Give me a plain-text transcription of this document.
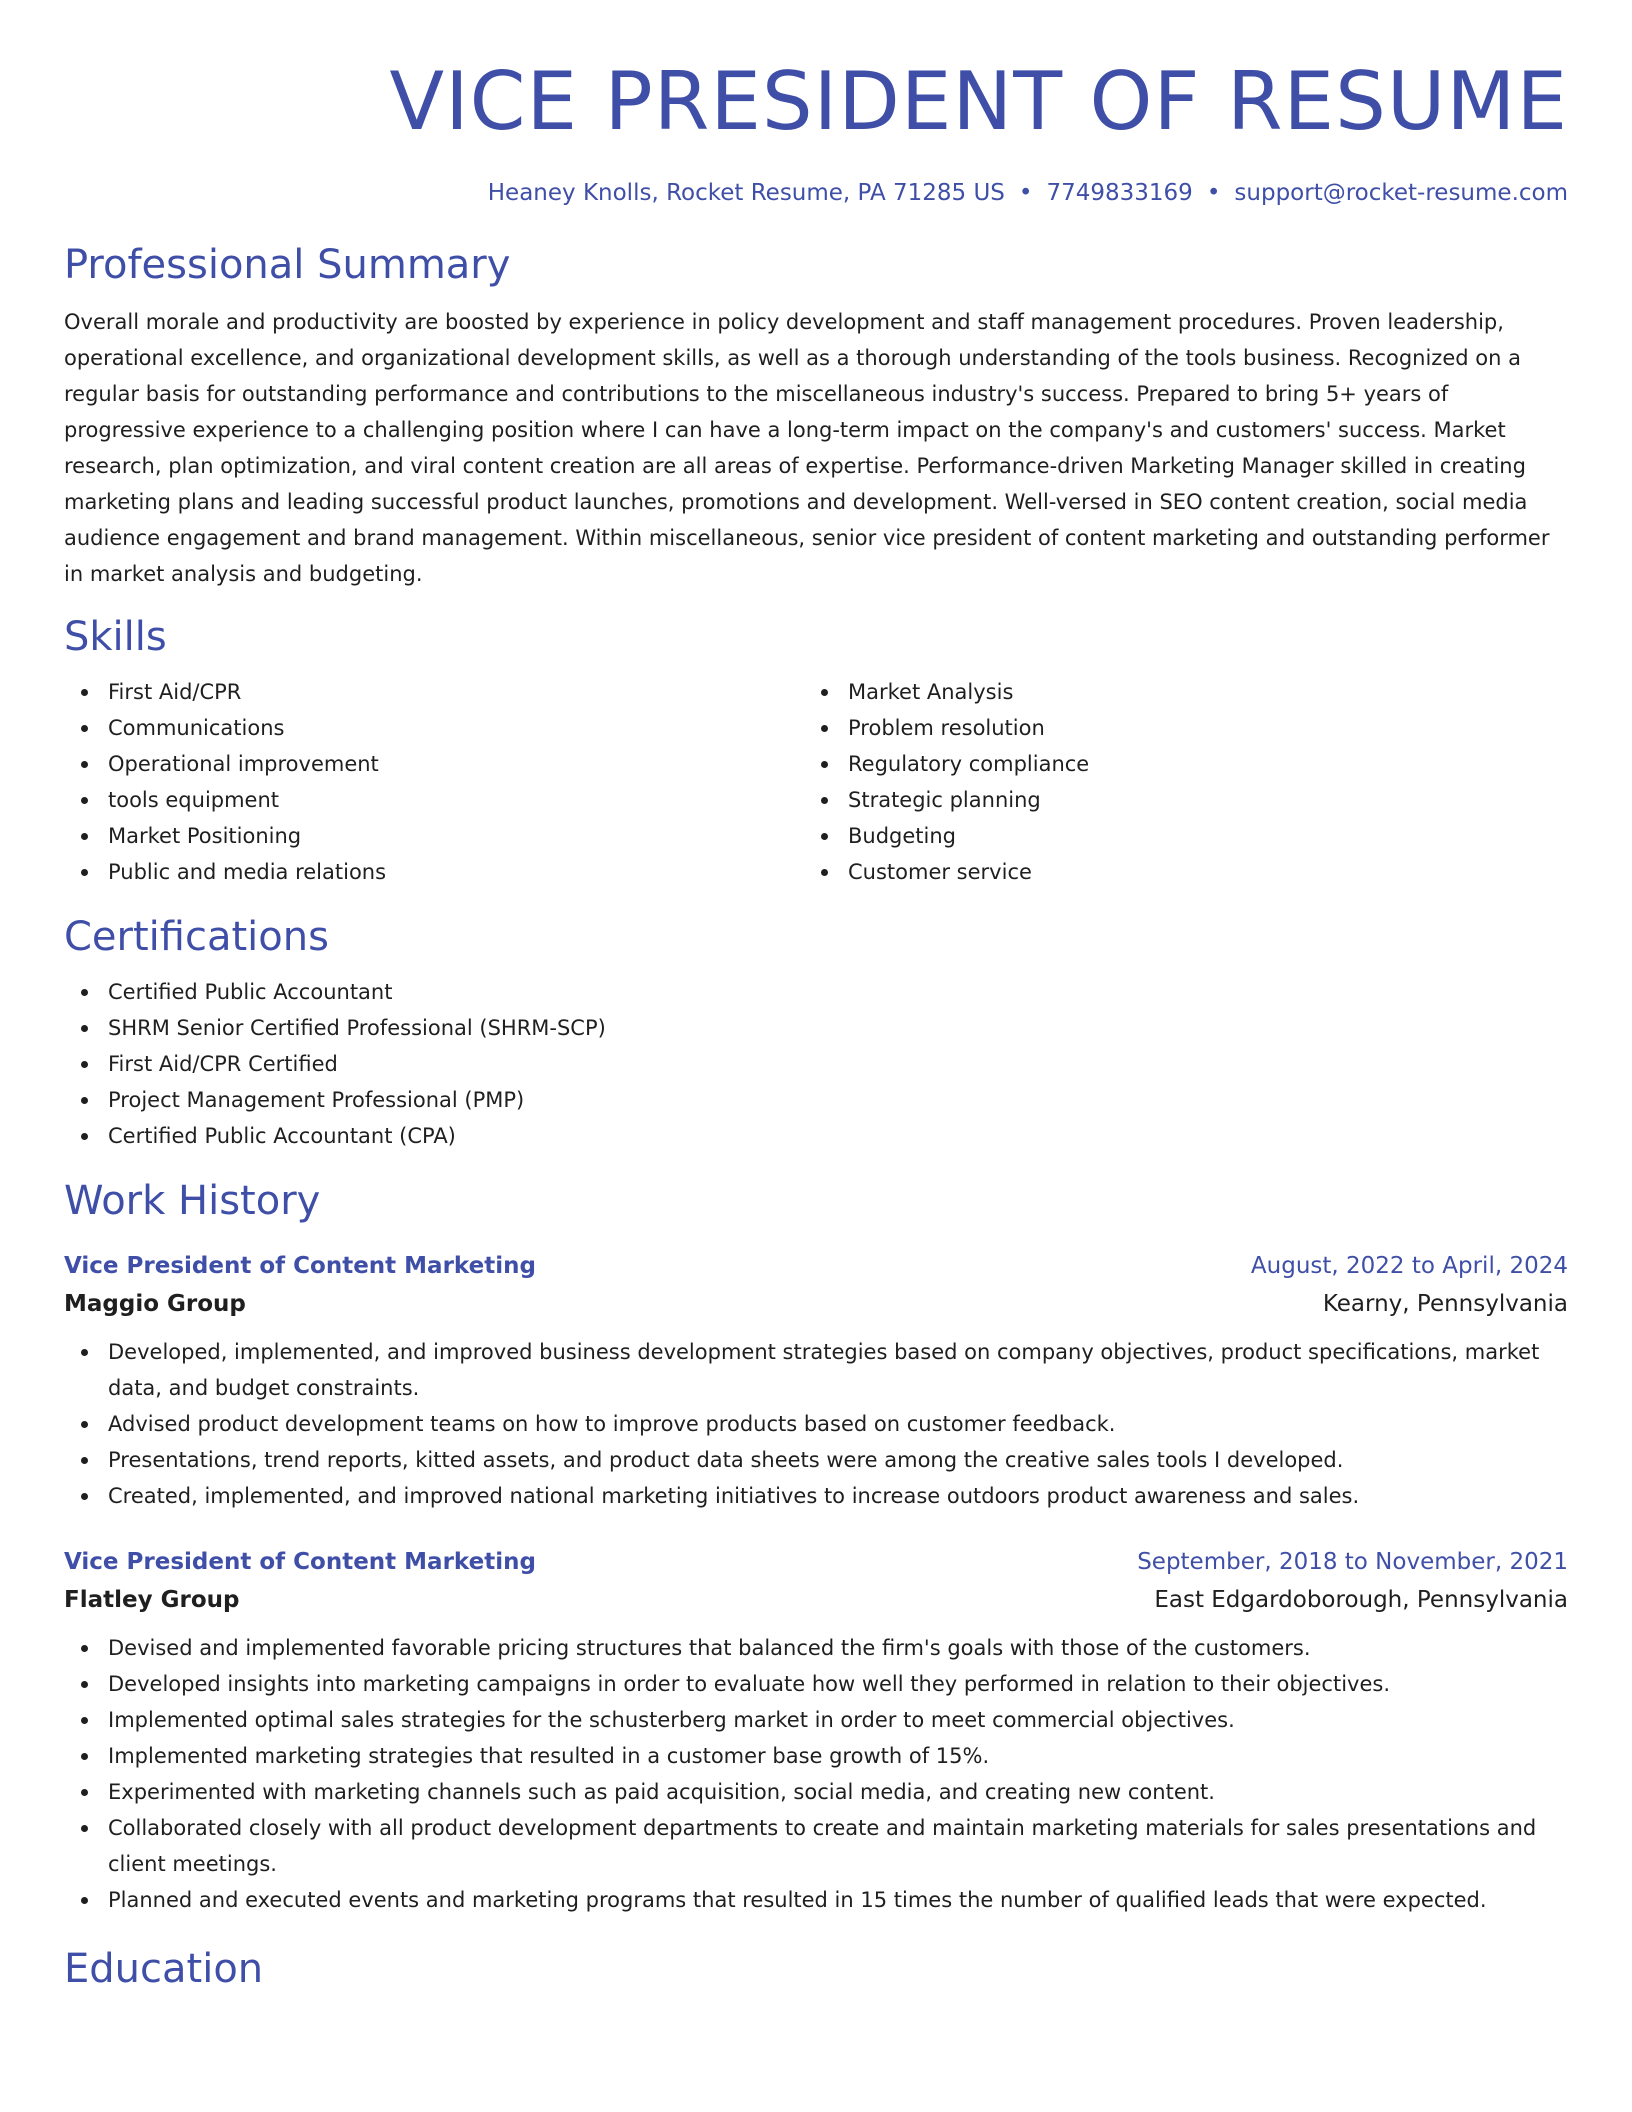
VICE PRESIDENT OF RESUME
Heaney Knolls, Rocket Resume, PA 71285 US • 7749833169 • support@rocket-resume.com
Professional Summary

Overall morale and productivity are boosted by experience in policy development and staff management procedures. Proven leadership, operational excellence, and organizational development skills, as well as a thorough understanding of the tools business. Recognized on a regular basis for outstanding performance and contributions to the miscellaneous industry's success. Prepared to bring 5+ years of progressive experience to a challenging position where I can have a long-term impact on the company's and customers' success. Market research, plan optimization, and viral content creation are all areas of expertise. Performance-driven Marketing Manager skilled in creating marketing plans and leading successful product launches, promotions and development. Well-versed in SEO content creation, social media audience engagement and brand management. Within miscellaneous, senior vice president of content marketing and outstanding performer in market analysis and budgeting.

Skills
First Aid/CPR
Communications
Operational improvement
tools equipment
Market Positioning
Public and media relations
Market Analysis
Problem resolution
Regulatory compliance
Strategic planning
Budgeting
Customer service
Certifications
Certified Public Accountant
SHRM Senior Certified Professional (SHRM-SCP)
First Aid/CPR Certified
Project Management Professional (PMP)
Certified Public Accountant (CPA)
Work History
Vice President of Content Marketing	August, 2022 to April, 2024
Maggio Group	Kearny, Pennsylvania
Developed, implemented, and improved business development strategies based on company objectives, product specifications, market data, and budget constraints.
Advised product development teams on how to improve products based on customer feedback.
Presentations, trend reports, kitted assets, and product data sheets were among the creative sales tools I developed.
Created, implemented, and improved national marketing initiatives to increase outdoors product awareness and sales.
Vice President of Content Marketing	September, 2018 to November, 2021
Flatley Group	East Edgardoborough, Pennsylvania
Devised and implemented favorable pricing structures that balanced the firm's goals with those of the customers.
Developed insights into marketing campaigns in order to evaluate how well they performed in relation to their objectives.
Implemented optimal sales strategies for the schusterberg market in order to meet commercial objectives.
Implemented marketing strategies that resulted in a customer base growth of 15%.
Experimented with marketing channels such as paid acquisition, social media, and creating new content.
Collaborated closely with all product development departments to create and maintain marketing materials for sales presentations and client meetings.
Planned and executed events and marketing programs that resulted in 15 times the number of qualified leads that were expected.
Education
